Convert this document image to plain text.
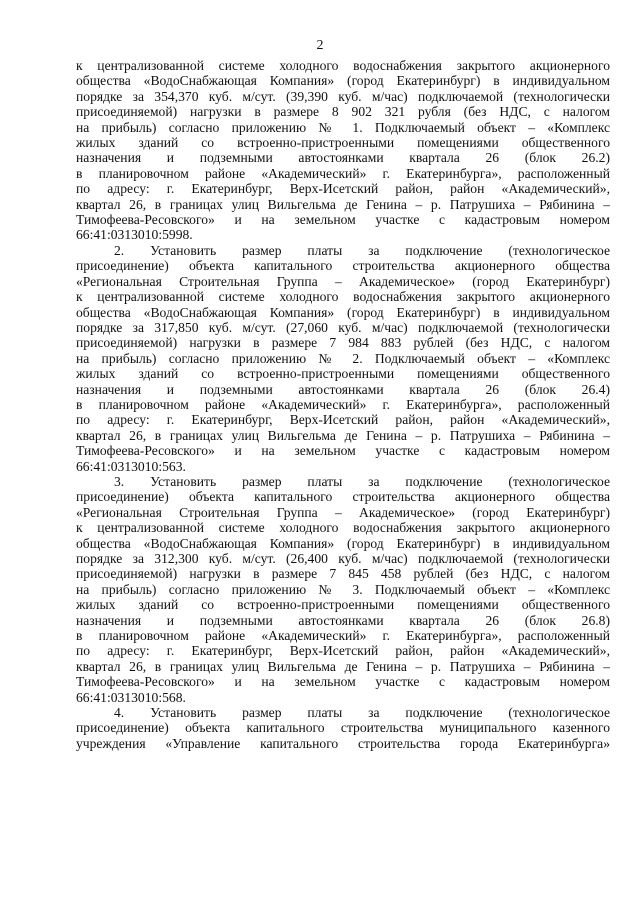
2

к централизованной системе холодного водоснабжения закрытого акционерного

общества «ВодоСнабжающая Компания» (город Екатеринбург) в индивидуальном

порядке за 354,370 куб. м/сут. (39,390 куб. м/час) подключаемой (технологически

присоединяемой) нагрузки в размере 8 902 321 рубля (без НДС, с налогом

на прибыль) согласно приложению № 1. Подключаемый объект – «Комплекс

жилых зданий со встроенно-пристроенными помещениями общественного

назначения и подземными автостоянками квартала 26 (блок 26.2)

в планировочном районе «Академический» г. Екатеринбурга», расположенный

по адресу: г. Екатеринбург, Верх-Исетский район, район «Академический»,

квартал 26, в границах улиц Вильгельма де Генина – р. Патрушиха – Рябинина –

Тимофеева-Ресовского» и на земельном участке с кадастровым номером

66:41:0313010:5998.

2. Установить размер платы за подключение (технологическое

присоединение) объекта капитального строительства акционерного общества

«Региональная Строительная Группа – Академическое» (город Екатеринбург)

к централизованной системе холодного водоснабжения закрытого акционерного

общества «ВодоСнабжающая Компания» (город Екатеринбург) в индивидуальном

порядке за 317,850 куб. м/сут. (27,060 куб. м/час) подключаемой (технологически

присоединяемой) нагрузки в размере 7 984 883 рублей (без НДС, с налогом

на прибыль) согласно приложению № 2. Подключаемый объект – «Комплекс

жилых зданий со встроенно-пристроенными помещениями общественного

назначения и подземными автостоянками квартала 26 (блок 26.4)

в планировочном районе «Академический» г. Екатеринбурга», расположенный

по адресу: г. Екатеринбург, Верх-Исетский район, район «Академический»,

квартал 26, в границах улиц Вильгельма де Генина – р. Патрушиха – Рябинина –

Тимофеева-Ресовского» и на земельном участке с кадастровым номером

66:41:0313010:563.

3. Установить размер платы за подключение (технологическое

присоединение) объекта капитального строительства акционерного общества

«Региональная Строительная Группа – Академическое» (город Екатеринбург)

к централизованной системе холодного водоснабжения закрытого акционерного

общества «ВодоСнабжающая Компания» (город Екатеринбург) в индивидуальном

порядке за 312,300 куб. м/сут. (26,400 куб. м/час) подключаемой (технологически

присоединяемой) нагрузки в размере 7 845 458 рублей (без НДС, с налогом

на прибыль) согласно приложению № 3. Подключаемый объект – «Комплекс

жилых зданий со встроенно-пристроенными помещениями общественного

назначения и подземными автостоянками квартала 26 (блок 26.8)

в планировочном районе «Академический» г. Екатеринбурга», расположенный

по адресу: г. Екатеринбург, Верх-Исетский район, район «Академический»,

квартал 26, в границах улиц Вильгельма де Генина – р. Патрушиха – Рябинина –

Тимофеева-Ресовского» и на земельном участке с кадастровым номером

66:41:0313010:568.

4. Установить размер платы за подключение (технологическое

присоединение) объекта капитального строительства муниципального казенного

учреждения «Управление капитального строительства города Екатеринбурга»
